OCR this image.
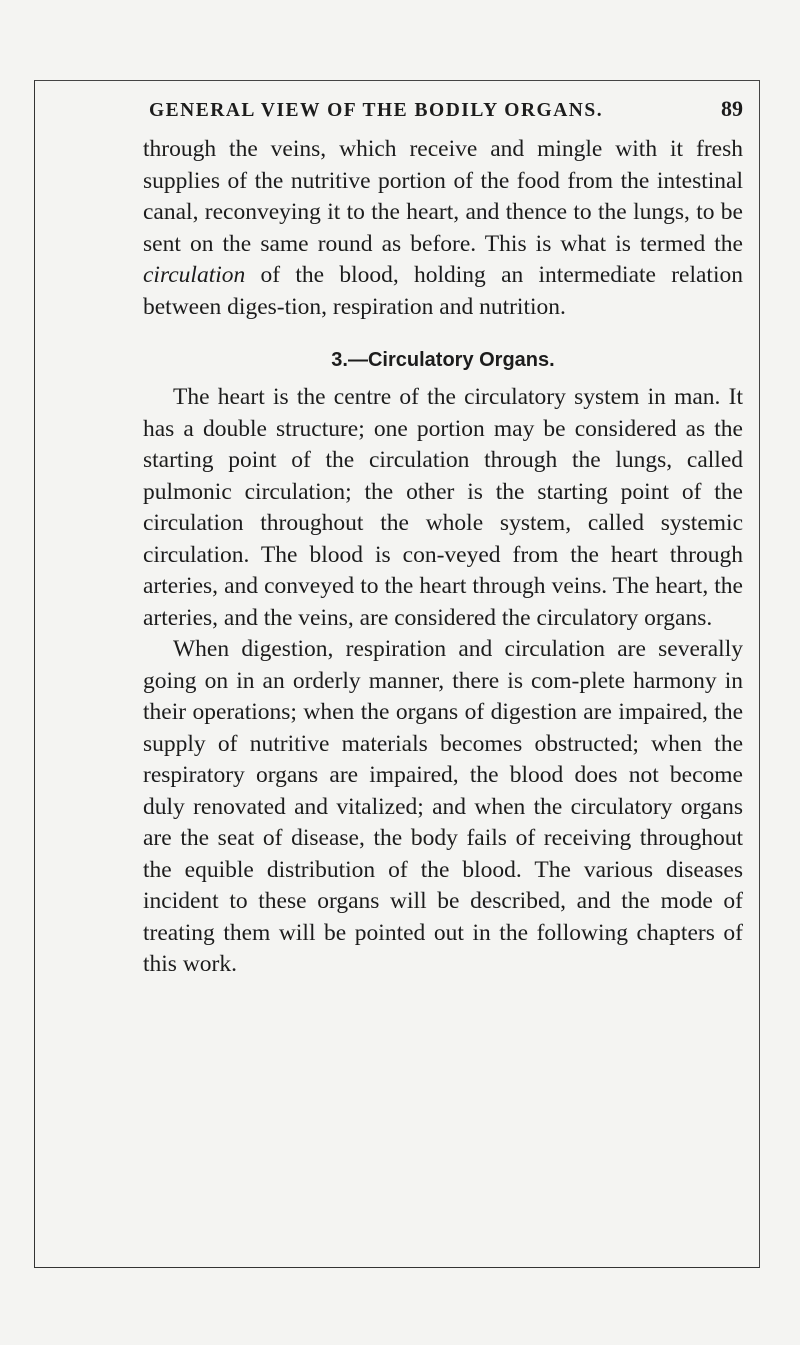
GENERAL VIEW OF THE BODILY ORGANS.	89

through the veins, which receive and mingle with it fresh supplies of the nutritive portion of the food from the intestinal canal, reconveying it to the heart, and thence to the lungs, to be sent on the same round as before. This is what is termed the circulation of the blood, holding an intermediate relation between diges-tion, respiration and nutrition.

3.—Circulatory Organs.

The heart is the centre of the circulatory system in man. It has a double structure; one portion may be considered as the starting point of the circulation through the lungs, called pulmonic circulation; the other is the starting point of the circulation throughout the whole system, called systemic circulation. The blood is con-veyed from the heart through arteries, and conveyed to the heart through veins. The heart, the arteries, and the veins, are considered the circulatory organs.

When digestion, respiration and circulation are severally going on in an orderly manner, there is com-plete harmony in their operations; when the organs of digestion are impaired, the supply of nutritive materials becomes obstructed; when the respiratory organs are impaired, the blood does not become duly renovated and vitalized; and when the circulatory organs are the seat of disease, the body fails of receiving throughout the equible distribution of the blood. The various diseases incident to these organs will be described, and the mode of treating them will be pointed out in the following chapters of this work.
